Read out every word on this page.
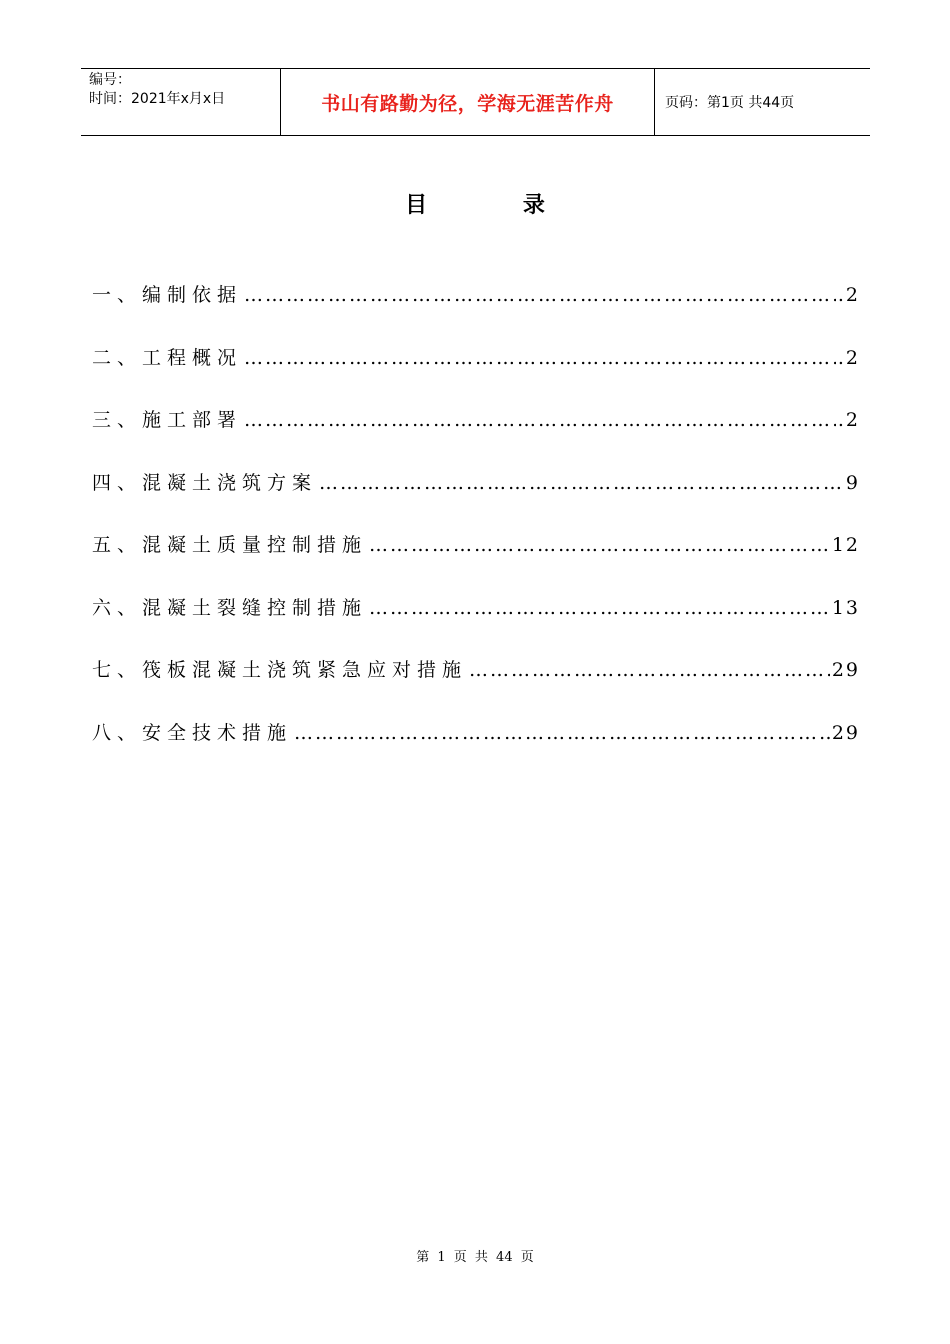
编号：
时间：2021年x月x日	书山有路勤为径，学海无涯苦作舟	页码：第1页 共44页
目 录
一、编制依据 ……………………………………………………………………………………………………………………………………………………	.2
二、工程概况 ……………………………………………………………………………………………………………………………………………………	.2
三、施工部署 ……………………………………………………………………………………………………………………………………………………	.2
四、混凝土浇筑方案 ……………………………………………………………………………………………………………………………………………………	9
五、混凝土质量控制措施 ……………………………………………………………………………………………………………………………………………………	12
六、混凝土裂缝控制措施 ……………………………………………………………………………………………………………………………………………………	13
七、筏板混凝土浇筑紧急应对措施 ……………………………………………………………………………………………………………………………………………………	29
八、安全技术措施 ……………………………………………………………………………………………………………………………………………………	29
第 1 页 共 44 页
